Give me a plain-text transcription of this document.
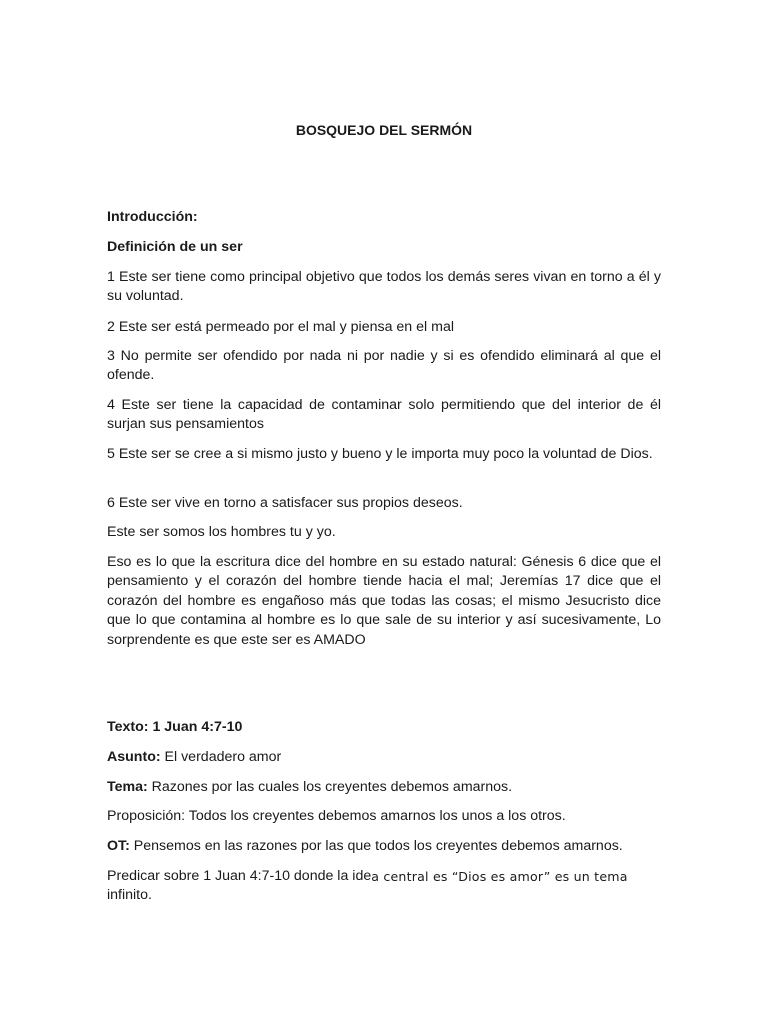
BOSQUEJO DEL SERMÓN
Introducción:
Definición de un ser
1 Este ser tiene como principal objetivo que todos los demás seres vivan en torno a él y su voluntad.
2 Este ser está permeado por el mal y piensa en el mal
3 No permite ser ofendido por nada ni por nadie y si es ofendido eliminará al que el ofende.
4 Este ser tiene la capacidad de contaminar solo permitiendo que del interior de él surjan sus pensamientos
5 Este ser se cree a si mismo justo y bueno y le importa muy poco la voluntad de Dios.
6 Este ser vive en torno a satisfacer sus propios deseos.
Este ser somos los hombres tu y yo.
Eso es lo que la escritura dice del hombre en su estado natural: Génesis 6 dice que el pensamiento y el corazón del hombre tiende hacia el mal; Jeremías 17 dice que el corazón del hombre es engañoso más que todas las cosas; el mismo Jesucristo dice que lo que contamina al hombre es lo que sale de su interior y así sucesivamente, Lo sorprendente es que este ser es AMADO
Texto: 1 Juan 4:7-10
Asunto: El verdadero amor
Tema: Razones por las cuales los creyentes debemos amarnos.
Proposición: Todos los creyentes debemos amarnos los unos a los otros.
OT: Pensemos en las razones por las que todos los creyentes debemos amarnos.

Predicar sobre 1 Juan 4:7-10 donde la ide a central es “Dios es amor” es un tema

infinito.
